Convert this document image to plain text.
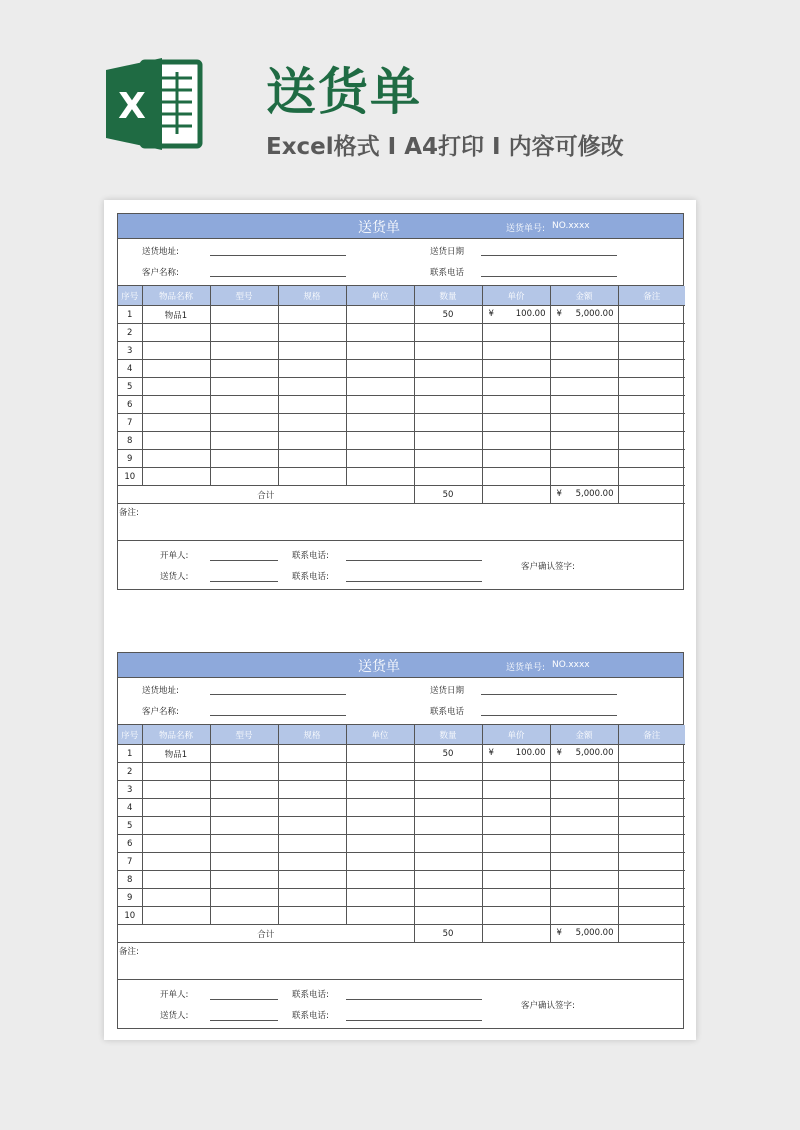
X 送货单
Excel格式 I A4打印 I 内容可修改
送货单	送货单号: NO.xxxx
送货地址:	送货日期
客户名称:	联系电话
序号	物品名称	型号	规格	单位	数量	单价	金额	备注
1	物品1				50	¥ 100.00	¥ 5,000.00	

2								
3								
4								
5								
6								
7								
8								
9								
10								
合计					50		¥ 5,000.00	

备注:
开单人:	联系电话:
送货人:	联系电话:
客户确认签字:
送货单	送货单号: NO.xxxx
送货地址:	送货日期
客户名称:	联系电话
序号	物品名称	型号	规格	单位	数量	单价	金额	备注
1	物品1				50	¥ 100.00	¥ 5,000.00	

2								
3								
4								
5								
6								
7								
8								
9								
10								
合计					50		¥ 5,000.00	

备注:
开单人:	联系电话:
送货人:	联系电话:
客户确认签字:
